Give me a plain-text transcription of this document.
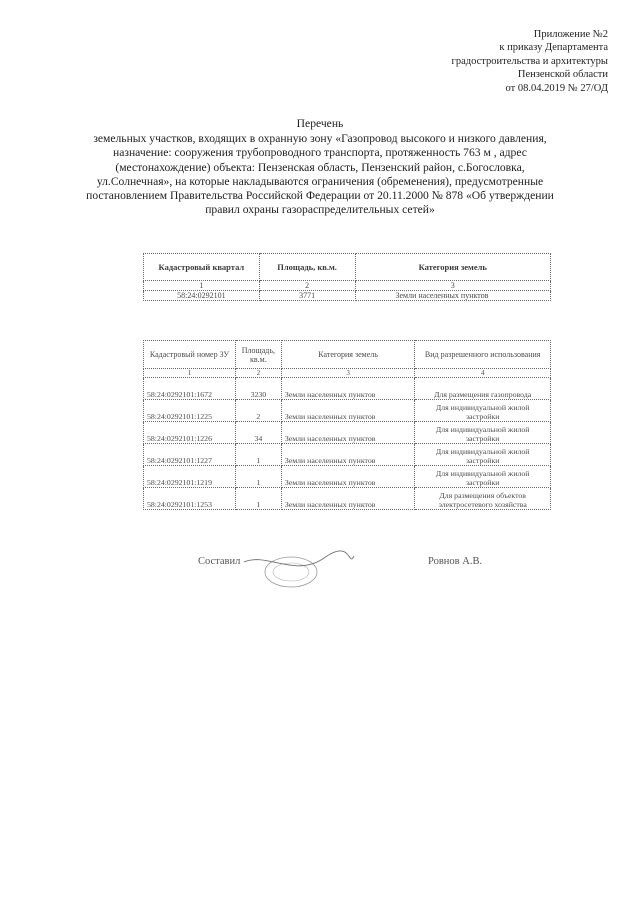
Приложение №2
к приказу Департамента
градостроительства и архитектуры
Пензенской области
от 08.04.2019 № 27/ОД
Перечень
земельных участков, входящих в охранную зону «Газопровод высокого и низкого давления,
назначение: сооружения трубопроводного транспорта, протяженность 763 м , адрес
(местонахождение) объекта: Пензенская область, Пензенский район, с.Богословка,
ул.Солнечная», на которые накладываются ограничения (обременения), предусмотренные
постановлением Правительства Российской Федерации от 20.11.2000 № 878 «Об утверждении
правил охраны газораспределительных сетей»
Кадастровый квартал	Площадь, кв.м.	Категория земель
1	2	3
58:24:0292101	3771	Земли населенных пунктов
Кадастровый номер ЗУ	Площадь, кв.м.	Категория земель	Вид разрешенного использования
1	2	3	4
58:24:0292101:1672	3230	Земли населенных пунктов	Для размещения газопровода
58:24:0292101:1225	2	Земли населенных пунктов	Для индивидуальной жилой застройки
58:24:0292101:1226	34	Земли населенных пунктов	Для индивидуальной жилой застройки
58:24:0292101:1227	1	Земли населенных пунктов	Для индивидуальной жилой застройки
58:24:0292101:1219	1	Земли населенных пунктов	Для индивидуальной жилой застройки
58:24:0292101:1253	1	Земли населенных пунктов	Для размещения объектов электросетевого хозяйства
Составил	Ровнов А.В.
